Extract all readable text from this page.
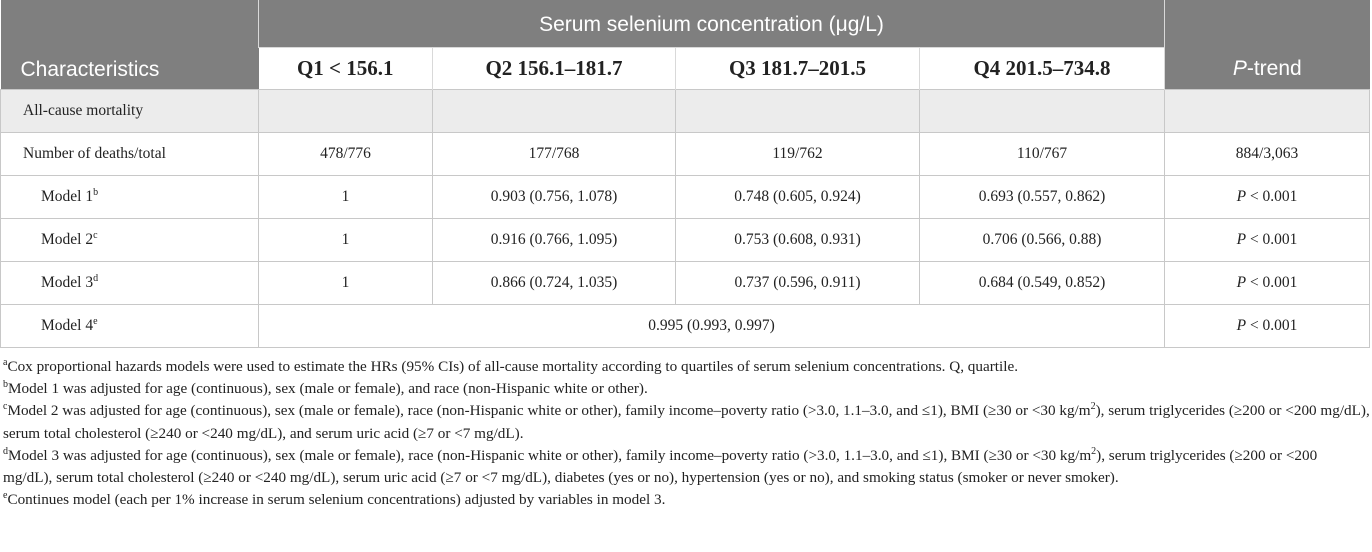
Characteristics	Serum selenium concentration (μg/L)				P-trend
	Q1 < 156.1	Q2 156.1–181.7	Q3 181.7–201.5	Q4 201.5–734.8	
All-cause mortality					
Number of deaths/total	478/776	177/768	119/762	110/767	884/3,063
Model 1$^b$	1	0.903 (0.756, 1.078)	0.748 (0.605, 0.924)	0.693 (0.557, 0.862)	P < 0.001
Model 2$^c$	1	0.916 (0.766, 1.095)	0.753 (0.608, 0.931)	0.706 (0.566, 0.88)	P < 0.001
Model 3$^d$	1	0.866 (0.724, 1.035)	0.737 (0.596, 0.911)	0.684 (0.549, 0.852)	P < 0.001
Model 4e	0.995 (0.993, 0.997)				P < 0.001

$^a$Cox proportional hazards models were used to estimate the HRs (95% CIs) of all-cause mortality according to quartiles of serum selenium concentrations. Q, quartile.

$^b$Model 1 was adjusted for age (continuous), sex (male or female), and race (non-Hispanic white or other).

$^c$Model 2 was adjusted for age (continuous), sex (male or female), race (non-Hispanic white or other), family income–poverty ratio (>3.0, 1.1–3.0, and ≤1), BMI (≥30 or <30 $kg/m^2$), serum triglycerides (≥200 or <200 mg/dL), serum total cholesterol (≥240 or <240 mg/dL), and serum uric acid (≥7 or <7 mg/dL).

$^d$Model 3 was adjusted for age (continuous), sex (male or female), race (non-Hispanic white or other), family income–poverty ratio (>3.0, 1.1–3.0, and ≤1), BMI (≥30 or <30 $kg/m^2$), serum triglycerides (≥200 or <200 mg/dL), serum total cholesterol (≥240 or <240 mg/dL), serum uric acid (≥7 or <7 mg/dL), diabetes (yes or no), hypertension (yes or no), and smoking status (smoker or never smoker).

$^e$Continues model (each per 1% increase in serum selenium concentrations) adjusted by variables in model 3.
